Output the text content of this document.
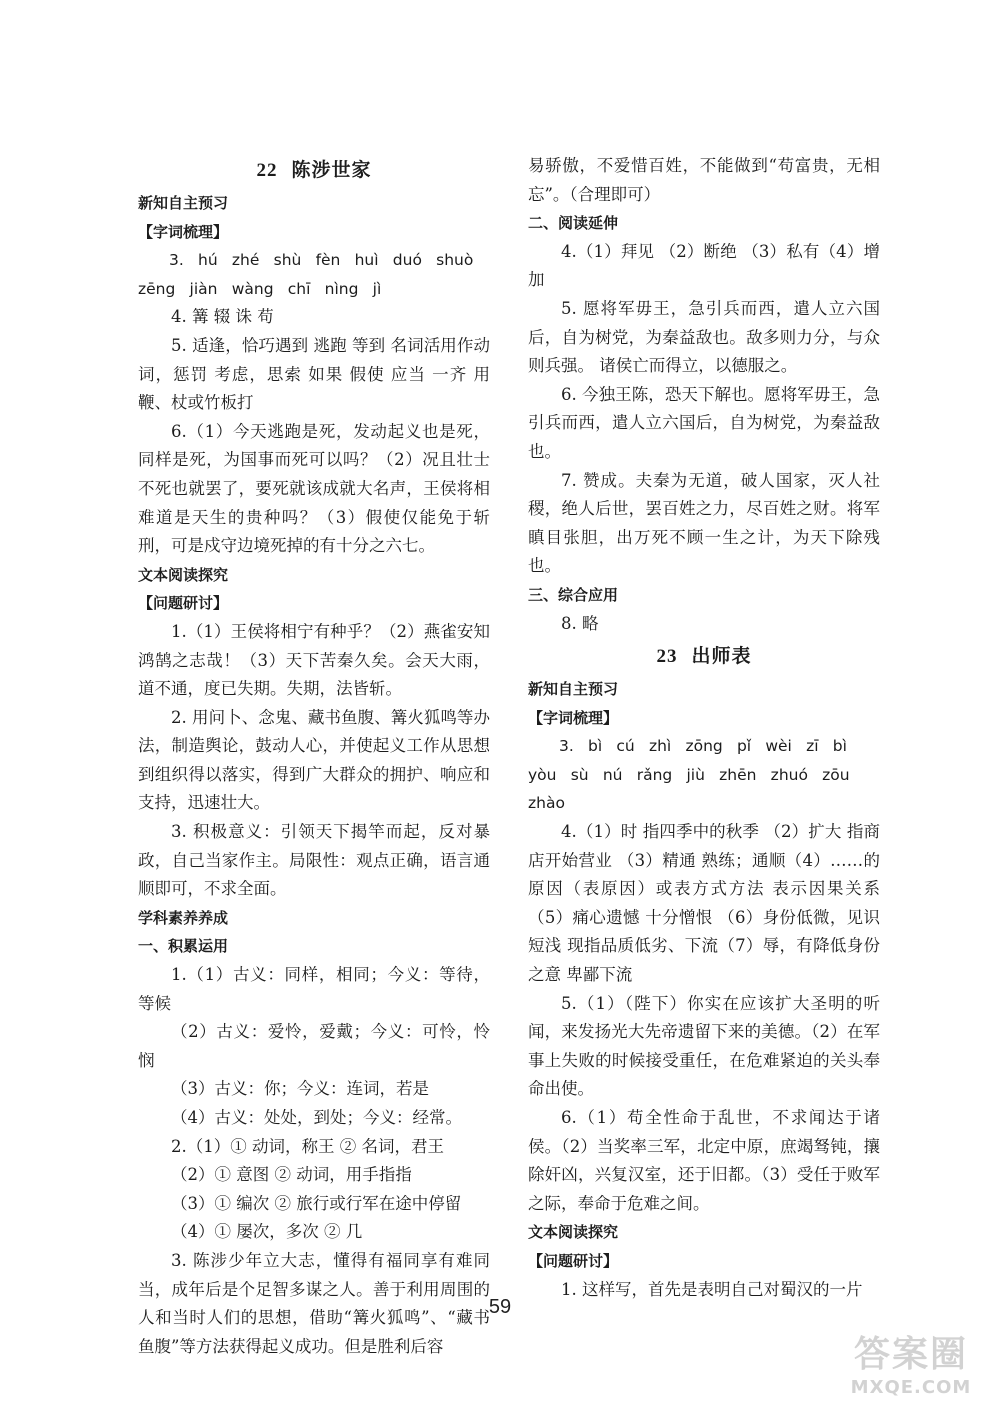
22 陈涉世家

新知自主预习

【字词梳理】

3. hú zhé shù fèn huì duó shuò

zēng jiàn wàng chī nìng jì

4. 篝 辍 诛 苟

5. 适逢，恰巧遇到 逃跑 等到 名词活用作动词，惩罚 考虑，思索 如果 假使 应当 一齐 用鞭、杖或竹板打

6.（1）今天逃跑是死，发动起义也是死，同样是死，为国事而死可以吗？（2）况且壮士不死也就罢了，要死就该成就大名声，王侯将相难道是天生的贵种吗？（3）假使仅能免于斩刑，可是戍守边境死掉的有十分之六七。

文本阅读探究

【问题研讨】

1.（1）王侯将相宁有种乎？（2）燕雀安知鸿鹄之志哉！（3）天下苦秦久矣。会天大雨，道不通，度已失期。失期，法皆斩。

2. 用问卜、念鬼、藏书鱼腹、篝火狐鸣等办法，制造舆论，鼓动人心，并使起义工作从思想到组织得以落实，得到广大群众的拥护、响应和支持，迅速壮大。

3. 积极意义：引领天下揭竿而起，反对暴政，自己当家作主。局限性：观点正确，语言通顺即可，不求全面。

学科素养养成

一、积累运用

1.（1）古义：同样，相同；今义：等待，等候

（2）古义：爱怜，爱戴；今义：可怜，怜悯

（3）古义：你；今义：连词，若是

（4）古义：处处，到处；今义：经常。

2.（1）① 动词，称王 ② 名词，君王

（2）① 意图 ② 动词，用手指指

（3）① 编次 ② 旅行或行军在途中停留

（4）① 屡次，多次 ② 几

3. 陈涉少年立大志，懂得有福同享有难同当，成年后是个足智多谋之人。善于利用周围的人和当时人们的思想，借助“篝火狐鸣”、“藏书鱼腹”等方法获得起义成功。但是胜利后容

易骄傲，不爱惜百姓，不能做到“苟富贵，无相忘”。（合理即可）

二、阅读延伸

4.（1）拜见 （2）断绝 （3）私有（4）增加

5. 愿将军毋王，急引兵而西，遣人立六国后，自为树党，为秦益敌也。敌多则力分，与众则兵强。 诸侯亡而得立，以德服之。

6. 今独王陈，恐天下解也。愿将军毋王，急引兵而西，遣人立六国后，自为树党，为秦益敌也。

7. 赞成。夫秦为无道，破人国家，灭人社稷，绝人后世，罢百姓之力，尽百姓之财。将军瞋目张胆，出万死不顾一生之计，为天下除残也。

三、综合应用

8. 略

23 出师表

新知自主预习

【字词梳理】

3. bì cú zhì zōng pǐ wèi zī bì

yòu sù nú rǎng jiù zhēn zhuó zōu

zhào

4.（1）时 指四季中的秋季 （2）扩大 指商店开始营业 （3）精通 熟练；通顺（4）……的原因（表原因）或表方式方法 表示因果关系 （5）痛心遗憾 十分憎恨 （6）身份低微，见识短浅 现指品质低劣、下流（7）辱，有降低身份之意 卑鄙下流

5.（1）（陛下）你实在应该扩大圣明的听闻，来发扬光大先帝遗留下来的美德。（2）在军事上失败的时候接受重任，在危难紧迫的关头奉命出使。

6.（1）苟全性命于乱世，不求闻达于诸侯。（2）当奖率三军，北定中原，庶竭驽钝，攘除奸凶，兴复汉室，还于旧都。（3）受任于败军之际，奉命于危难之间。

文本阅读探究

【问题研讨】

1. 这样写，首先是表明自己对蜀汉的一片

59
答案圈
MXQE.COM
